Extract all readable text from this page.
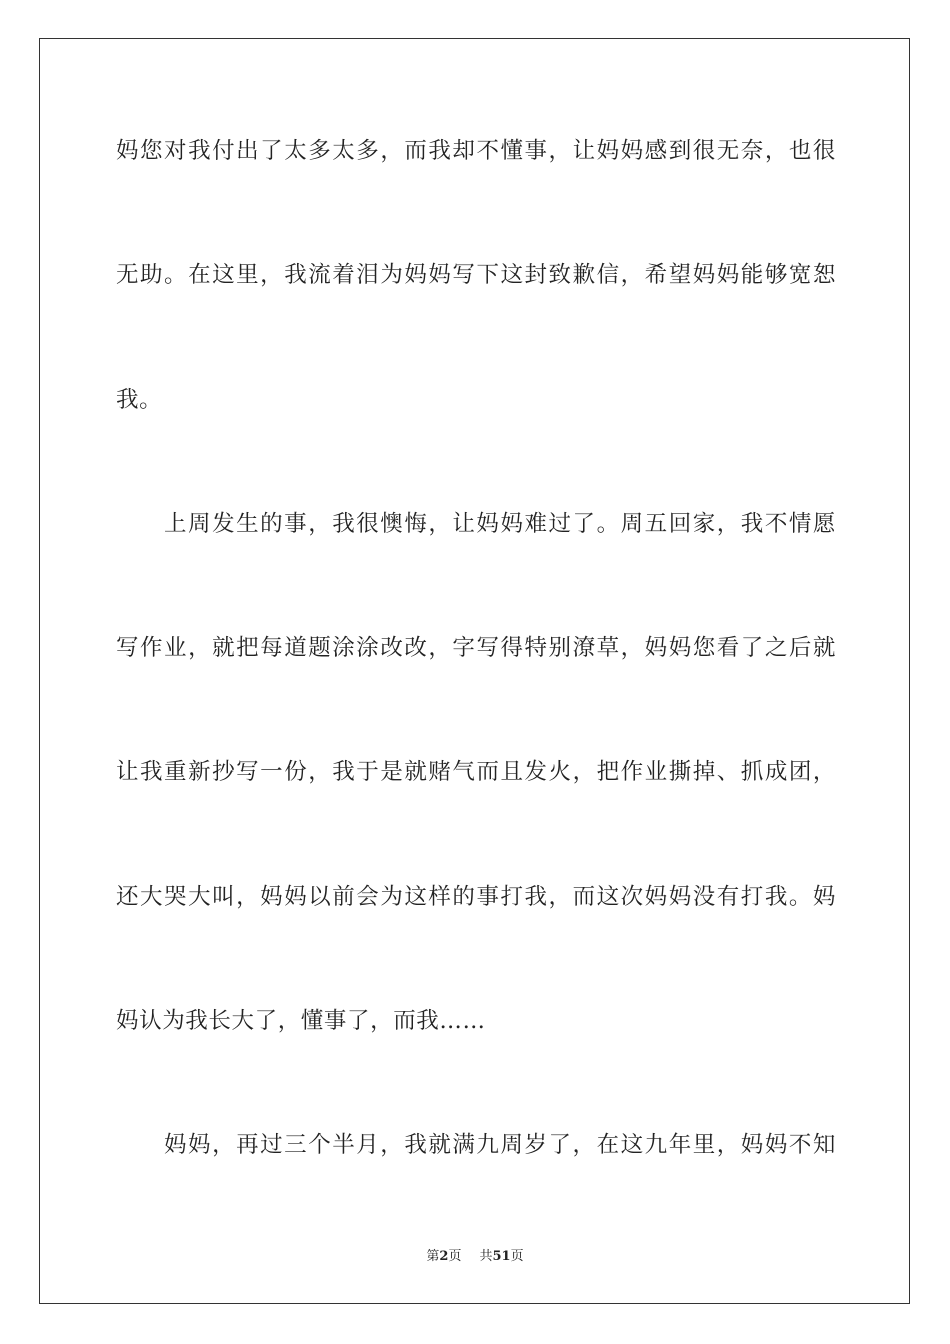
妈您对我付出了太多太多，而我却不懂事，让妈妈感到很无奈，也很
无助。在这里，我流着泪为妈妈写下这封致歉信，希望妈妈能够宽恕
我。
上周发生的事，我很懊悔，让妈妈难过了。周五回家，我不情愿
写作业，就把每道题涂涂改改，字写得特别潦草，妈妈您看了之后就
让我重新抄写一份，我于是就赌气而且发火，把作业撕掉、抓成团，
还大哭大叫，妈妈以前会为这样的事打我，而这次妈妈没有打我。妈
妈认为我长大了，懂事了，而我……
妈妈，再过三个半月，我就满九周岁了，在这九年里，妈妈不知
第2页 共51页
